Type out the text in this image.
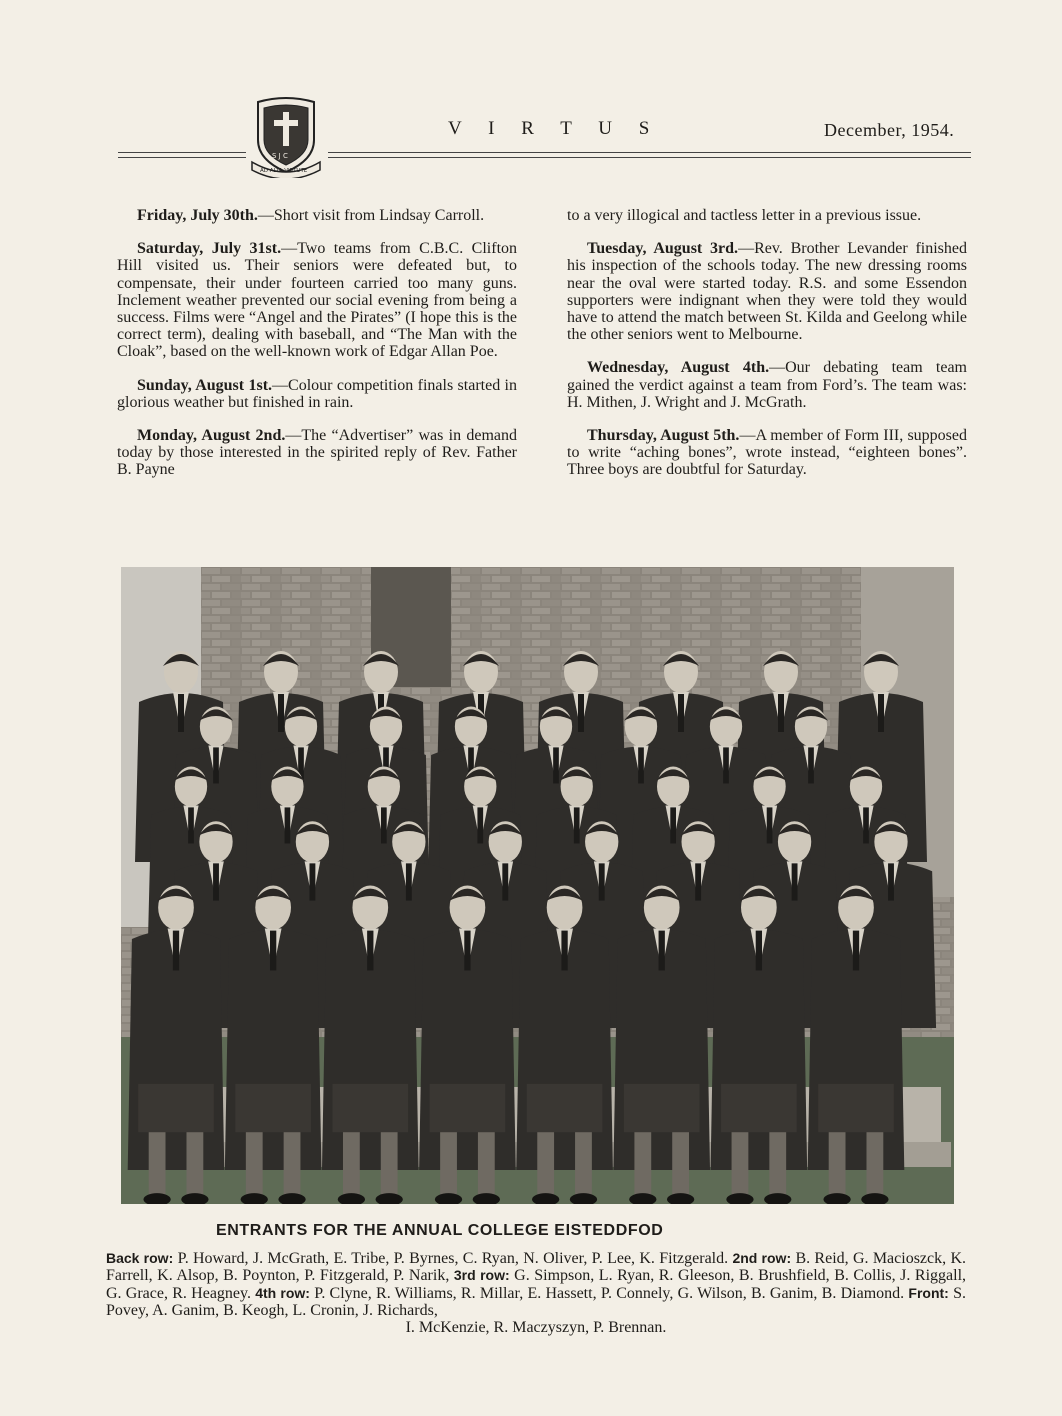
S J C
AD ALTA VIRTUTE
V I R T U S	December, 1954.

Friday, July 30th.—Short visit from Lindsay Carroll.

Saturday, July 31st.—Two teams from C.B.C. Clifton Hill visited us. Their seniors were defeated but, to compensate, their under fourteen carried too many guns. Inclement weather prevented our social evening from being a success. Films were “Angel and the Pirates” (I hope this is the correct term), dealing with baseball, and “The Man with the Cloak”, based on the well-known work of Edgar Allan Poe.

Sunday, August 1st.—Colour competition finals started in glorious weather but finished in rain.

Monday, August 2nd.—The “Advertiser” was in demand today by those interested in the spirited reply of Rev. Father B. Payne

to a very illogical and tactless letter in a previous issue.

Tuesday, August 3rd.—Rev. Brother Levander finished his inspection of the schools today. The new dressing rooms near the oval were started today. R.S. and some Essendon supporters were indignant when they were told they would have to attend the match between St. Kilda and Geelong while the other seniors went to Melbourne.

Wednesday, August 4th.—Our debating team team gained the verdict against a team from Ford’s. The team was: H. Mithen, J. Wright and J. McGrath.

Thursday, August 5th.—A member of Form III, supposed to write “aching bones”, wrote instead, “eighteen bones”. Three boys are doubtful for Saturday.

ENTRANTS FOR THE ANNUAL COLLEGE EISTEDDFOD
Back row: P. Howard, J. McGrath, E. Tribe, P. Byrnes, C. Ryan, N. Oliver, P. Lee, K. Fitzgerald. 2nd row: B. Reid, G. Macioszck, K. Farrell, K. Alsop, B. Poynton, P. Fitzgerald, P. Narik, 3rd row: G. Simpson, L. Ryan, R. Gleeson, B. Brushfield, B. Collis, J. Riggall, G. Grace, R. Heagney. 4th row: P. Clyne, R. Williams, R. Millar, E. Hassett, P. Connely, G. Wilson, B. Ganim, B. Diamond. Front: S. Povey, A. Ganim, B. Keogh, L. Cronin, J. Richards,
I. McKenzie, R. Maczyszyn, P. Brennan.
